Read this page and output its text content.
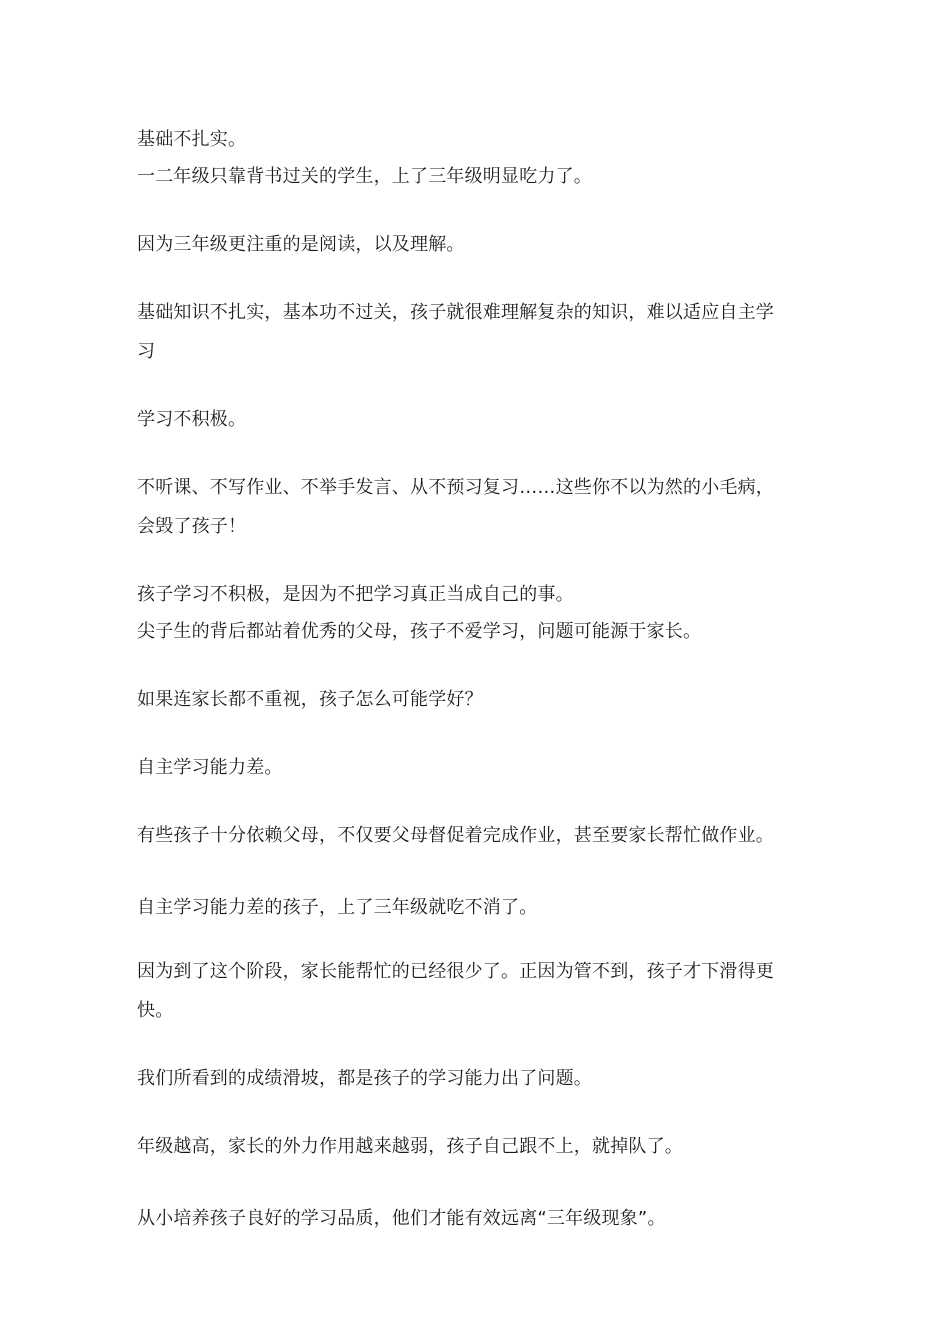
基础不扎实。
一二年级只靠背书过关的学生，上了三年级明显吃力了。
因为三年级更注重的是阅读，以及理解。
基础知识不扎实，基本功不过关，孩子就很难理解复杂的知识，难以适应自主学
习
学习不积极。
不听课、不写作业、不举手发言、从不预习复习……这些你不以为然的小毛病，
会毁了孩子！
孩子学习不积极，是因为不把学习真正当成自己的事。
尖子生的背后都站着优秀的父母，孩子不爱学习，问题可能源于家长。
如果连家长都不重视，孩子怎么可能学好？
自主学习能力差。
有些孩子十分依赖父母，不仅要父母督促着完成作业，甚至要家长帮忙做作业。
自主学习能力差的孩子，上了三年级就吃不消了。
因为到了这个阶段，家长能帮忙的已经很少了。正因为管不到，孩子才下滑得更
快。
我们所看到的成绩滑坡，都是孩子的学习能力出了问题。
年级越高，家长的外力作用越来越弱，孩子自己跟不上，就掉队了。
从小培养孩子良好的学习品质，他们才能有效远离“三年级现象”。
